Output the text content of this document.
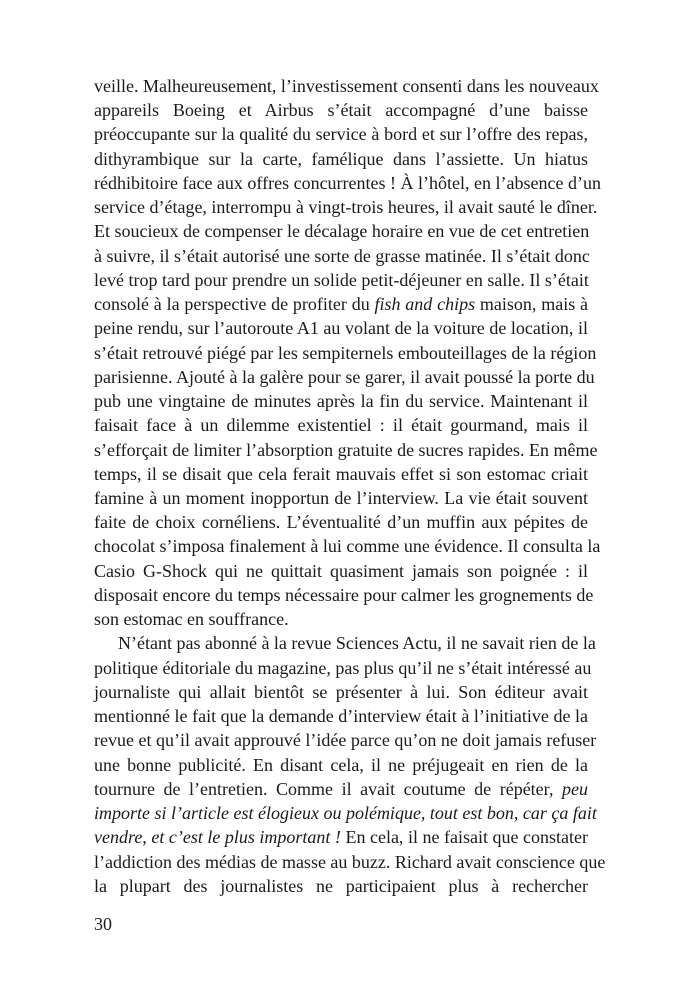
veille. Malheureusement, l’investissement consenti dans les nouveaux
appareils Boeing et Airbus s’était accompagné d’une baisse
préoccupante sur la qualité du service à bord et sur l’offre des repas,
dithyrambique sur la carte, famélique dans l’assiette. Un hiatus
rédhibitoire face aux offres concurrentes ! À l’hôtel, en l’absence d’un
service d’étage, interrompu à vingt-trois heures, il avait sauté le dîner.
Et soucieux de compenser le décalage horaire en vue de cet entretien
à suivre, il s’était autorisé une sorte de grasse matinée. Il s’était donc
levé trop tard pour prendre un solide petit-déjeuner en salle. Il s’était
consolé à la perspective de profiter du fish and chips maison, mais à
peine rendu, sur l’autoroute A1 au volant de la voiture de location, il
s’était retrouvé piégé par les sempiternels embouteillages de la région
parisienne. Ajouté à la galère pour se garer, il avait poussé la porte du
pub une vingtaine de minutes après la fin du service. Maintenant il
faisait face à un dilemme existentiel : il était gourmand, mais il
s’efforçait de limiter l’absorption gratuite de sucres rapides. En même
temps, il se disait que cela ferait mauvais effet si son estomac criait
famine à un moment inopportun de l’interview. La vie était souvent
faite de choix cornéliens. L’éventualité d’un muffin aux pépites de
chocolat s’imposa finalement à lui comme une évidence. Il consulta la
Casio G-Shock qui ne quittait quasiment jamais son poignée : il
disposait encore du temps nécessaire pour calmer les grognements de
son estomac en souffrance.
N’étant pas abonné à la revue Sciences Actu, il ne savait rien de la
politique éditoriale du magazine, pas plus qu’il ne s’était intéressé au
journaliste qui allait bientôt se présenter à lui. Son éditeur avait
mentionné le fait que la demande d’interview était à l’initiative de la
revue et qu’il avait approuvé l’idée parce qu’on ne doit jamais refuser
une bonne publicité. En disant cela, il ne préjugeait en rien de la
tournure de l’entretien. Comme il avait coutume de répéter, peu
importe si l’article est élogieux ou polémique, tout est bon, car ça fait
vendre, et c’est le plus important ! En cela, il ne faisait que constater
l’addiction des médias de masse au buzz. Richard avait conscience que
la plupart des journalistes ne participaient plus à rechercher
30
